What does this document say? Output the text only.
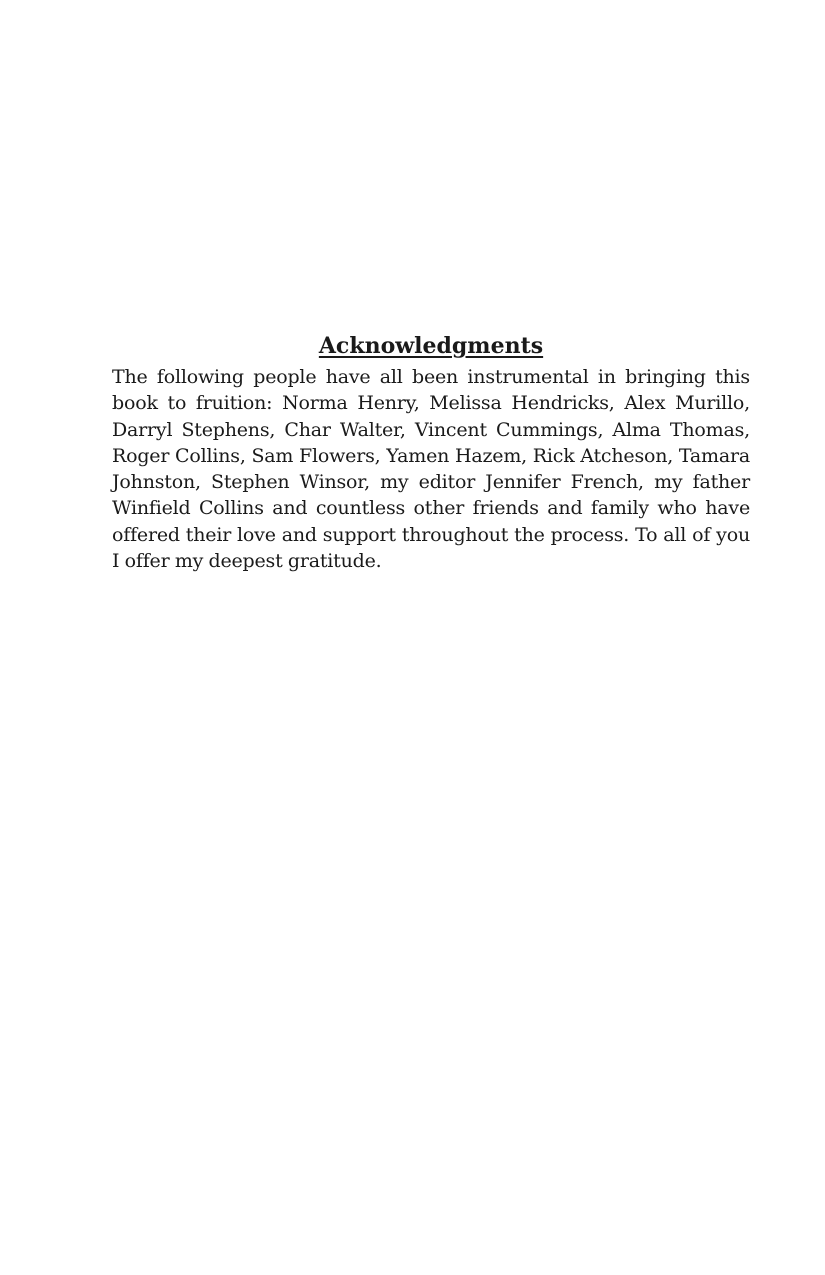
Acknowledgments

The following people have all been instrumental in bringing this book to fruition: Norma Henry, Melissa Hendricks, Alex Murillo, Darryl Stephens, Char Walter, Vincent Cummings, Alma Thomas, Roger Collins, Sam Flowers, Yamen Hazem, Rick Atcheson, Tamara Johnston, Stephen Winsor, my editor Jennifer French, my father Winfield Collins and countless other friends and family who have offered their love and support throughout the process. To all of you I offer my deepest gratitude.
